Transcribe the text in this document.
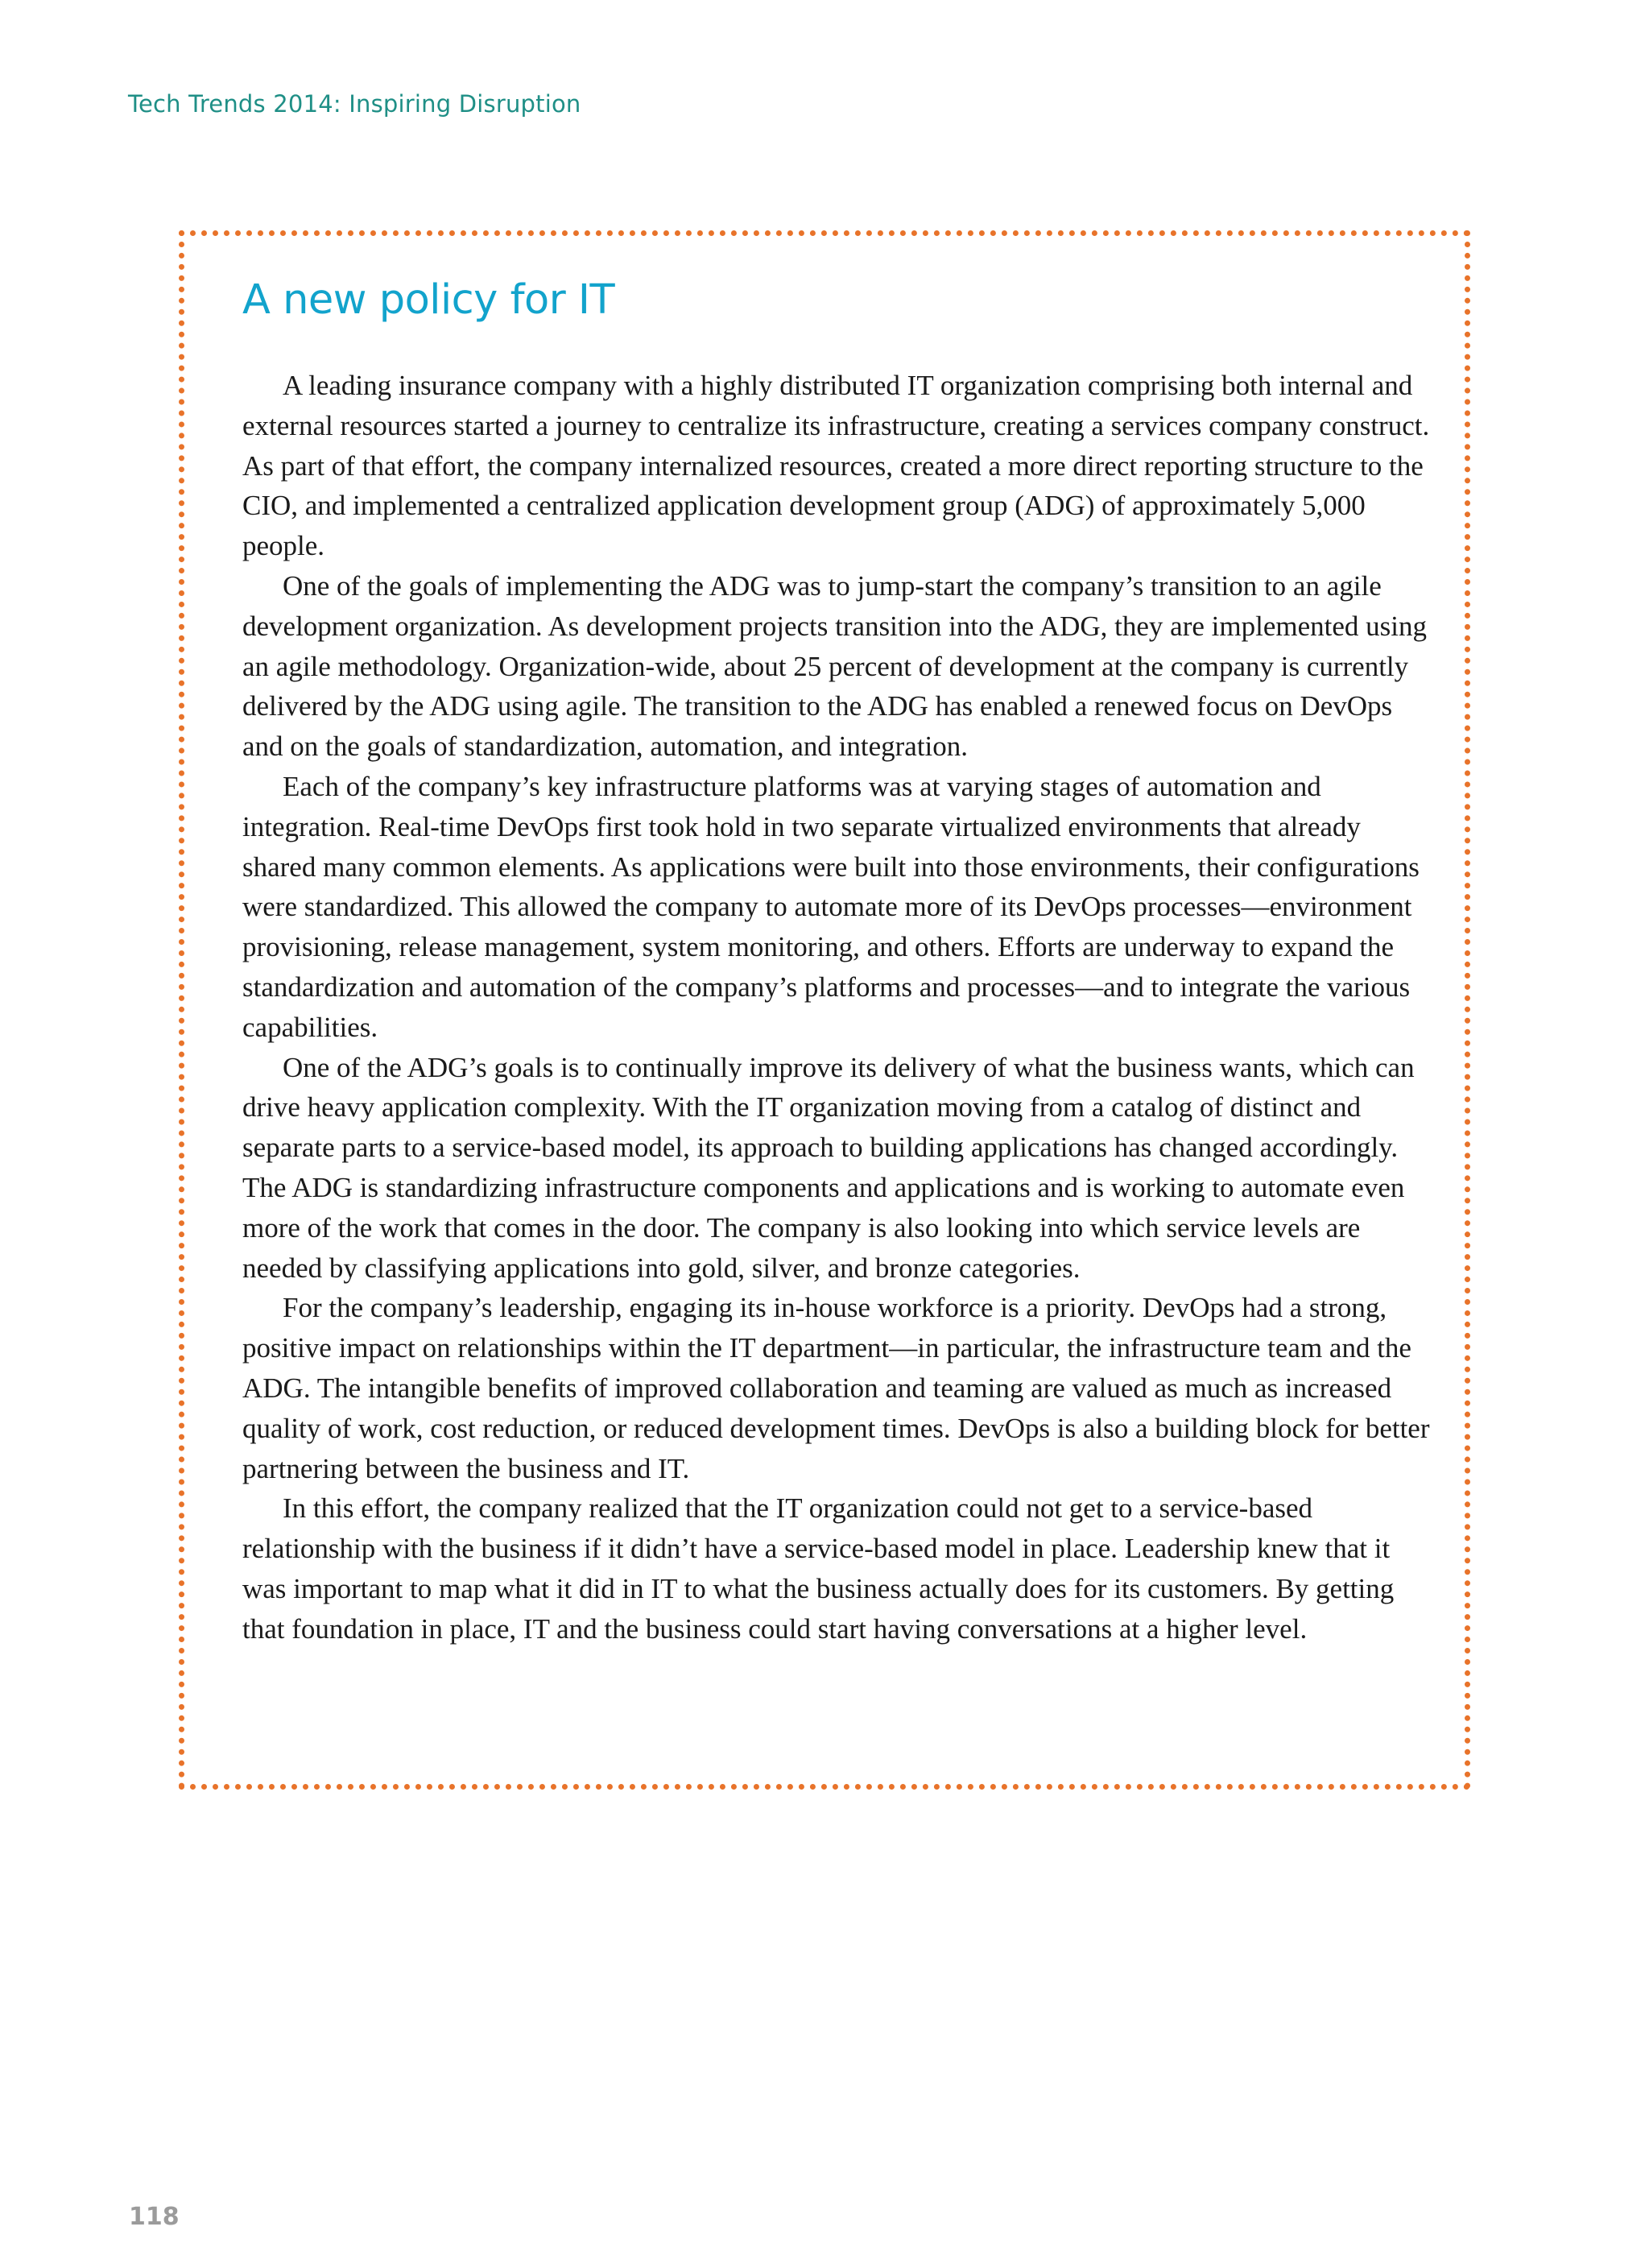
Tech Trends 2014: Inspiring Disruption
A new policy for IT

A leading insurance company with a highly distributed IT organization comprising both internal and external resources started a journey to centralize its infrastructure, creating a services company construct. As part of that effort, the company internalized resources, created a more direct reporting structure to the CIO, and implemented a centralized application development group (ADG) of approximately 5,000 people.

One of the goals of implementing the ADG was to jump-start the company’s transition to an agile development organization. As development projects transition into the ADG, they are implemented using an agile methodology. Organization-wide, about 25 percent of development at the company is currently delivered by the ADG using agile. The transition to the ADG has enabled a renewed focus on DevOps and on the goals of standardization, automation, and integration.

Each of the company’s key infrastructure platforms was at varying stages of automation and integration. Real-time DevOps first took hold in two separate virtualized environments that already shared many common elements. As applications were built into those environments, their configurations were standardized. This allowed the company to automate more of its DevOps processes—environment provisioning, release management, system monitoring, and others. Efforts are underway to expand the standardization and automation of the company’s platforms and processes—and to integrate the various capabilities.

One of the ADG’s goals is to continually improve its delivery of what the business wants, which can drive heavy application complexity. With the IT organization moving from a catalog of distinct and separate parts to a service-based model, its approach to building applications has changed accordingly. The ADG is standardizing infrastructure components and applications and is working to automate even more of the work that comes in the door. The company is also looking into which service levels are needed by classifying applications into gold, silver, and bronze categories.

For the company’s leadership, engaging its in-house workforce is a priority. DevOps had a strong, positive impact on relationships within the IT department—in particular, the infrastructure team and the ADG. The intangible benefits of improved collaboration and teaming are valued as much as increased quality of work, cost reduction, or reduced development times. DevOps is also a building block for better partnering between the business and IT.

In this effort, the company realized that the IT organization could not get to a service-based relationship with the business if it didn’t have a service-based model in place. Leadership knew that it was important to map what it did in IT to what the business actually does for its customers. By getting that foundation in place, IT and the business could start having conversations at a higher level.

118
